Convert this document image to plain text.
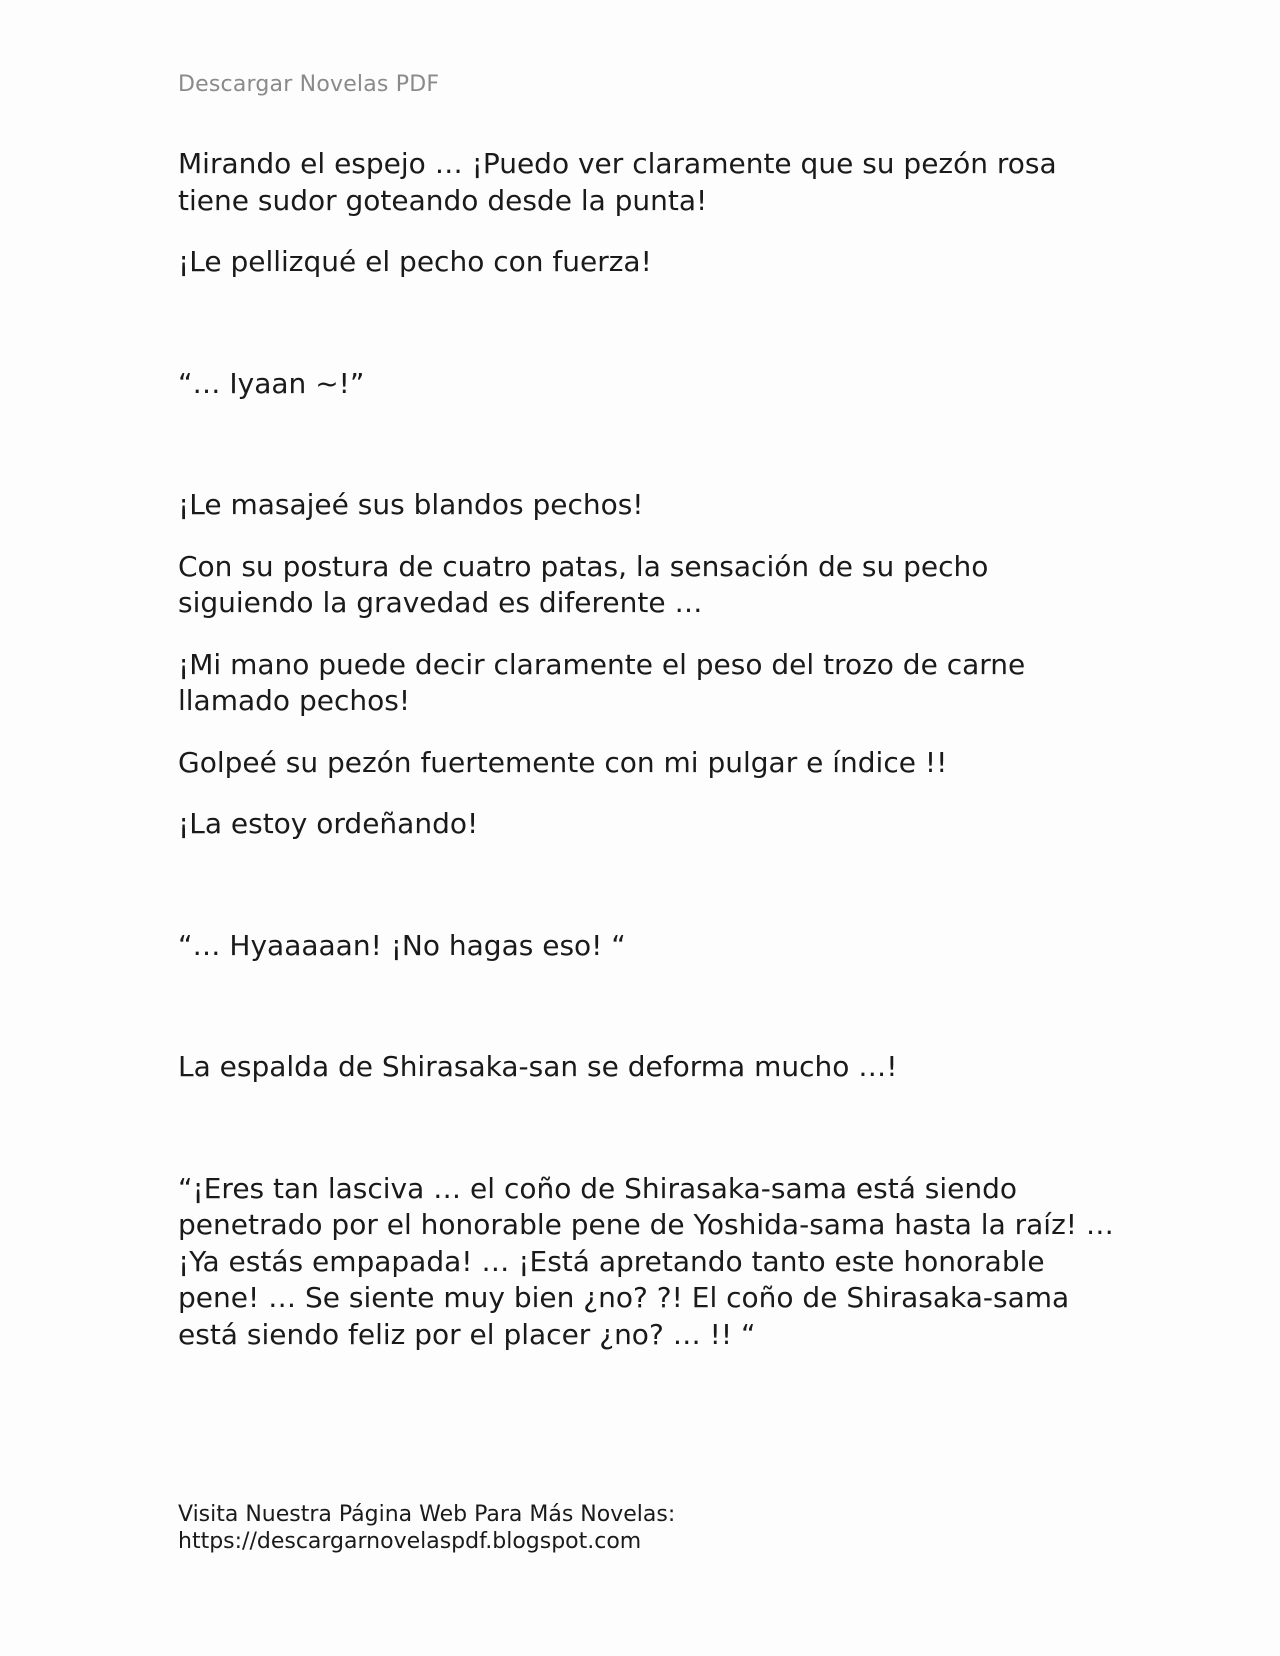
Descargar Novelas PDF

Mirando el espejo … ¡Puedo ver claramente que su pezón rosa tiene sudor goteando desde la punta!

¡Le pellizqué el pecho con fuerza!

“… Iyaan ~!”

¡Le masajeé sus blandos pechos!

Con su postura de cuatro patas, la sensación de su pecho siguiendo la gravedad es diferente …

¡Mi mano puede decir claramente el peso del trozo de carne llamado pechos!

Golpeé su pezón fuertemente con mi pulgar e índice !!

¡La estoy ordeñando!

“… Hyaaaaan! ¡No hagas eso! “

La espalda de Shirasaka-san se deforma mucho …!

“¡Eres tan lasciva … el coño de Shirasaka-sama está siendo penetrado por el honorable pene de Yoshida-sama hasta la raíz! … ¡Ya estás empapada! … ¡Está apretando tanto este honorable pene! … Se siente muy bien ¿no? ?! El coño de Shirasaka-sama está siendo feliz por el placer ¿no? … !! “

Visita Nuestra Página Web Para Más Novelas:
https://descargarnovelaspdf.blogspot.com
